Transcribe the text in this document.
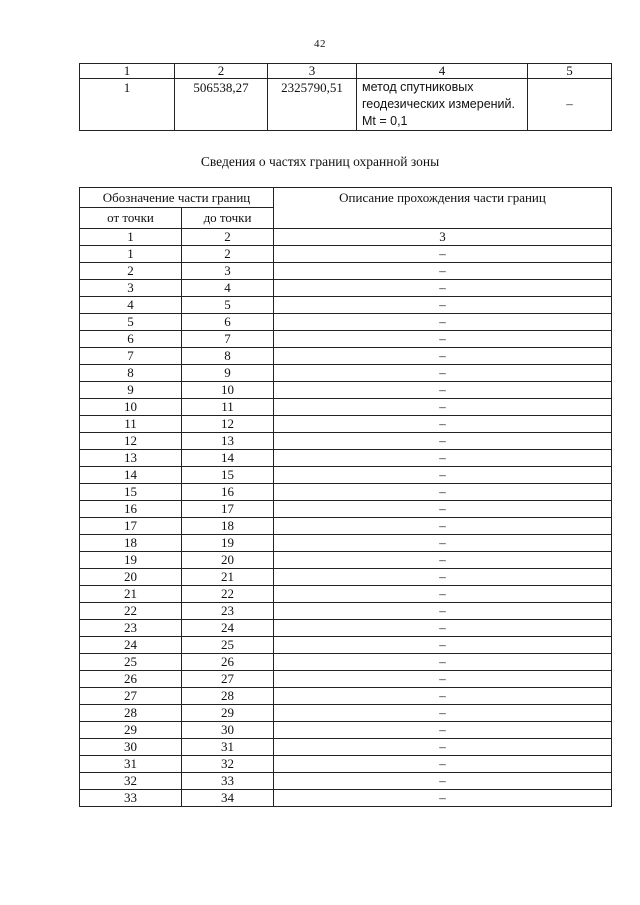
42
1	2	3	4	5
1	506538,27	2325790,51	метод спутниковых геодезических измерений. Mt = 0,1	–
Сведения о частях границ охранной зоны
Обозначение части границ		Описание прохождения части границ
от точки	до точки	
1	2	3
1	2	–
2	3	–
3	4	–
4	5	–
5	6	–
6	7	–
7	8	–
8	9	–
9	10	–
10	11	–
11	12	–
12	13	–
13	14	–
14	15	–
15	16	–
16	17	–
17	18	–
18	19	–
19	20	–
20	21	–
21	22	–
22	23	–
23	24	–
24	25	–
25	26	–
26	27	–
27	28	–
28	29	–
29	30	–
30	31	–
31	32	–
32	33	–
33	34	–
